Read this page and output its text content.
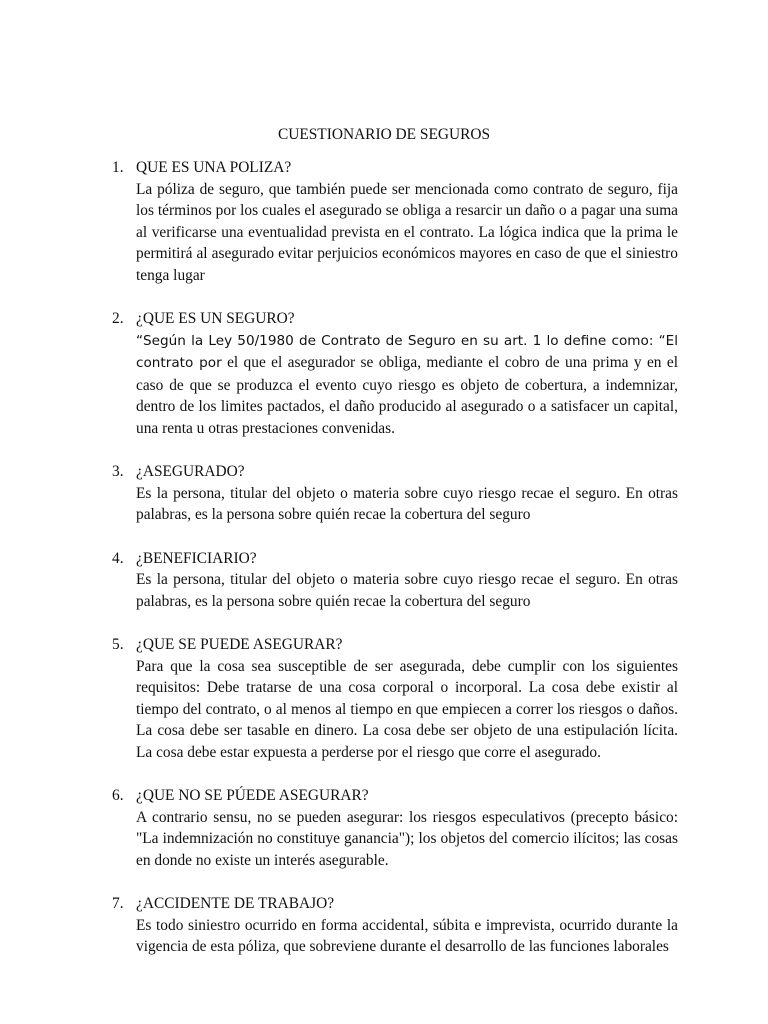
CUESTIONARIO DE SEGUROS
1. QUE ES UNA POLIZA?
La póliza de seguro, que también puede ser mencionada como contrato de seguro, fija los términos por los cuales el asegurado se obliga a resarcir un daño o a pagar una suma al verificarse una eventualidad prevista en el contrato. La lógica indica que la prima le permitirá al asegurado evitar perjuicios económicos mayores en caso de que el siniestro tenga lugar
2. ¿QUE ES UN SEGURO?
“Según la Ley 50/1980 de Contrato de Seguro en su art. 1 lo define como: “El contrato por el que el asegurador se obliga, mediante el cobro de una prima y en el caso de que se produzca el evento cuyo riesgo es objeto de cobertura, a indemnizar, dentro de los limites pactados, el daño producido al asegurado o a satisfacer un capital, una renta u otras prestaciones convenidas.
3. ¿ASEGURADO?
Es la persona, titular del objeto o materia sobre cuyo riesgo recae el seguro. En otras palabras, es la persona sobre quién recae la cobertura del seguro
4. ¿BENEFICIARIO?
Es la persona, titular del objeto o materia sobre cuyo riesgo recae el seguro. En otras palabras, es la persona sobre quién recae la cobertura del seguro
5. ¿QUE SE PUEDE ASEGURAR?
Para que la cosa sea susceptible de ser asegurada, debe cumplir con los siguientes requisitos: Debe tratarse de una cosa corporal o incorporal. La cosa debe existir al tiempo del contrato, o al menos al tiempo en que empiecen a correr los riesgos o daños. La cosa debe ser tasable en dinero. La cosa debe ser objeto de una estipulación lícita. La cosa debe estar expuesta a perderse por el riesgo que corre el asegurado.
6. ¿QUE NO SE PÚEDE ASEGURAR?
A contrario sensu, no se pueden asegurar: los riesgos especulativos (precepto básico: "La indemnización no constituye ganancia"); los objetos del comercio ilícitos; las cosas en donde no existe un interés asegurable.
7. ¿ACCIDENTE DE TRABAJO?
Es todo siniestro ocurrido en forma accidental, súbita e imprevista, ocurrido durante la vigencia de esta póliza, que sobreviene durante el desarrollo de las funciones laborales
